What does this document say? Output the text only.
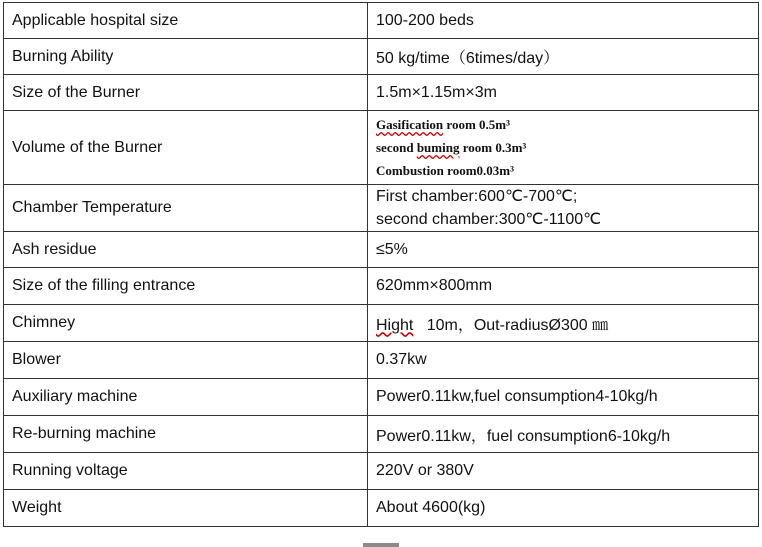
Applicable hospital size	100-200 beds
Burning Ability	50 kg/time（6times/day）
Size of the Burner	1.5m×1.15m×3m
Volume of the Burner	Gasification room 0.5m³
second buming room 0.3m³
Combustion room0.03m³

Chamber Temperature	First chamber:600℃-700℃;
second chamber:300℃-1100℃

Ash residue	≤5%
Size of the filling entrance	620mm×800mm
Chimney	Hight   10m，Out-radiusØ300 ㎜
Blower	0.37kw
Auxiliary machine	Power0.11kw,fuel consumption4-10kg/h
Re-burning machine	Power0.11kw，fuel consumption6-10kg/h
Running voltage	220V or 380V
Weight	About 4600(kg)
